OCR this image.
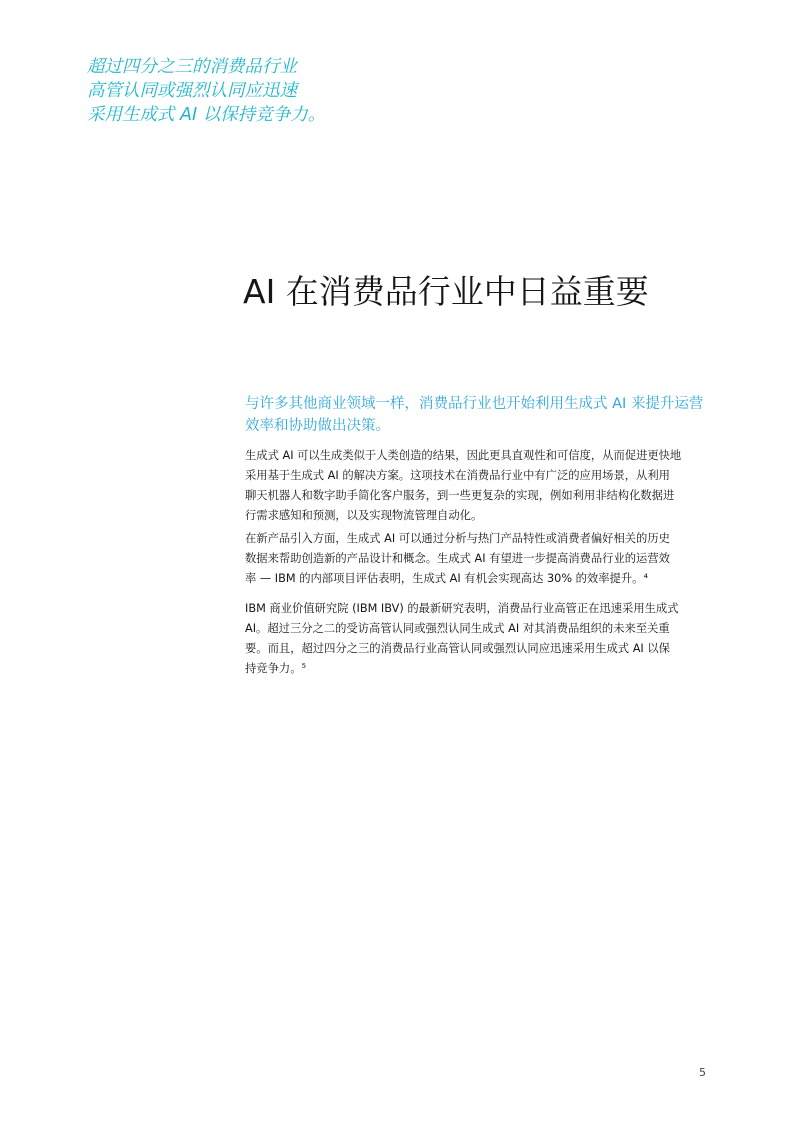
超过四分之三的消费品行业
高管认同或强烈认同应迅速
采用生成式 AI 以保持竞争力。
AI 在消费品行业中日益重要

与许多其他商业领域一样，消费品行业也开始利用生成式 AI 来提升运营
效率和协助做出决策。

生成式 AI 可以生成类似于人类创造的结果，因此更具直观性和可信度，从而促进更快地
采用基于生成式 AI 的解决方案。这项技术在消费品行业中有广泛的应用场景，从利用
聊天机器人和数字助手简化客户服务，到一些更复杂的实现，例如利用非结构化数据进
行需求感知和预测，以及实现物流管理自动化。

在新产品引入方面，生成式 AI 可以通过分析与热门产品特性或消费者偏好相关的历史
数据来帮助创造新的产品设计和概念。生成式 AI 有望进一步提高消费品行业的运营效
率 — IBM 的内部项目评估表明，生成式 AI 有机会实现高达 30% 的效率提升。⁴

IBM 商业价值研究院 (IBM IBV) 的最新研究表明，消费品行业高管正在迅速采用生成式
AI。超过三分之二的受访高管认同或强烈认同生成式 AI 对其消费品组织的未来至关重
要。而且，超过四分之三的消费品行业高管认同或强烈认同应迅速采用生成式 AI 以保
持竞争力。⁵

5
